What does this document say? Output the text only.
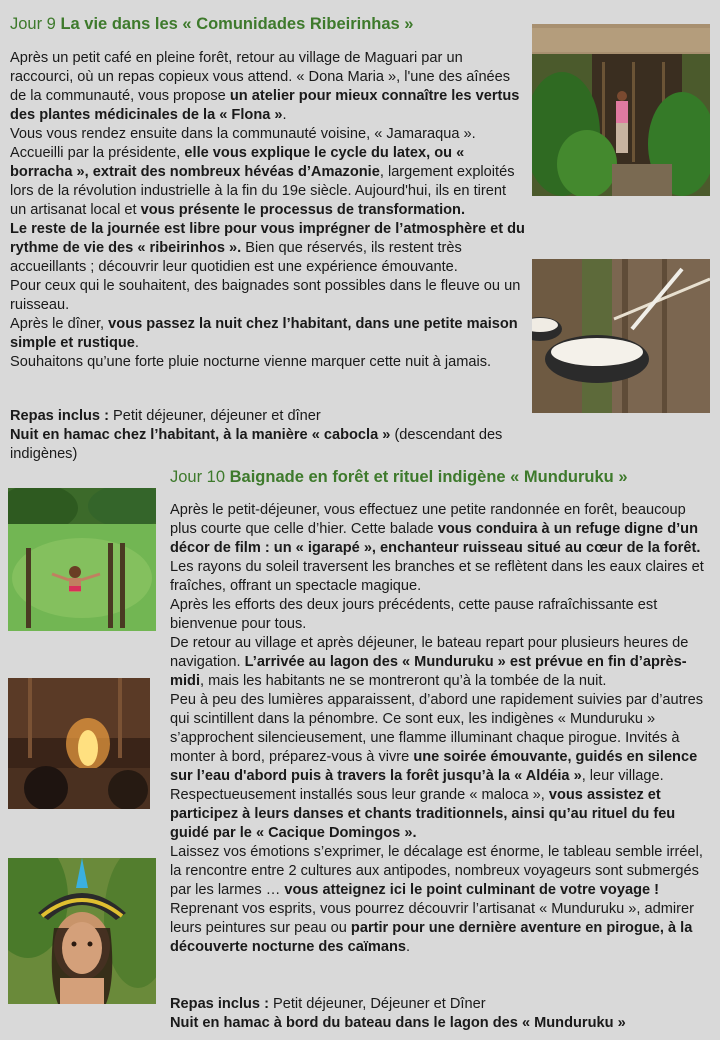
Jour 9 La vie dans les « Comunidades Ribeirinhas »

Après un petit café en pleine forêt, retour au village de Maguari par un raccourci, où un repas copieux vous attend. « Dona Maria », l'une des aînées de la communauté, vous propose un atelier pour mieux connaître les vertus des plantes médicinales de la « Flona ».

Vous vous rendez ensuite dans la communauté voisine, « Jamaraqua ». Accueilli par la présidente, elle vous explique le cycle du latex, ou « borracha », extrait des nombreux hévéas d’Amazonie, largement exploités lors de la révolution industrielle à la fin du 19e siècle. Aujourd'hui, ils en tirent un artisanat local et vous présente le processus de transformation.

Le reste de la journée est libre pour vous imprégner de l’atmosphère et du rythme de vie des « ribeirinhos ». Bien que réservés, ils restent très accueillants ; découvrir leur quotidien est une expérience émouvante.

Pour ceux qui le souhaitent, des baignades sont possibles dans le fleuve ou un ruisseau.

Après le dîner, vous passez la nuit chez l’habitant, dans une petite maison simple et rustique.

Souhaitons qu’une forte pluie nocturne vienne marquer cette nuit à jamais.

Repas inclus : Petit déjeuner, déjeuner et dîner

Nuit en hamac chez l’habitant, à la manière « cabocla » (descendant des indigènes)

Jour 10 Baignade en forêt et rituel indigène « Munduruku »

Après le petit-déjeuner, vous effectuez une petite randonnée en forêt, beaucoup plus courte que celle d’hier. Cette balade vous conduira à un refuge digne d’un décor de film : un « igarapé », enchanteur ruisseau situé au cœur de la forêt. Les rayons du soleil traversent les branches et se reflètent dans les eaux claires et fraîches, offrant un spectacle magique.

Après les efforts des deux jours précédents, cette pause rafraîchissante est bienvenue pour tous.

De retour au village et après déjeuner, le bateau repart pour plusieurs heures de navigation. L’arrivée au lagon des « Munduruku » est prévue en fin d’après-midi, mais les habitants ne se montreront qu’à la tombée de la nuit.

Peu à peu des lumières apparaissent, d’abord une rapidement suivies par d’autres qui scintillent dans la pénombre. Ce sont eux, les indigènes « Munduruku » s’approchent silencieusement, une flamme illuminant chaque pirogue. Invités à monter à bord, préparez-vous à vivre une soirée émouvante, guidés en silence sur l’eau d'abord puis à travers la forêt jusqu’à la « Aldéia », leur village. Respectueusement installés sous leur grande « maloca », vous assistez et participez à leurs danses et chants traditionnels, ainsi qu’au rituel du feu guidé par le « Cacique Domingos ».

Laissez vos émotions s’exprimer, le décalage est énorme, le tableau semble irréel, la rencontre entre 2 cultures aux antipodes, nombreux voyageurs sont submergés par les larmes … vous atteignez ici le point culminant de votre voyage !

Reprenant vos esprits, vous pourrez découvrir l’artisanat « Munduruku », admirer leurs peintures sur peau ou partir pour une dernière aventure en pirogue, à la découverte nocturne des caïmans.

Repas inclus : Petit déjeuner, Déjeuner et Dîner

Nuit en hamac à bord du bateau dans le lagon des « Munduruku »
